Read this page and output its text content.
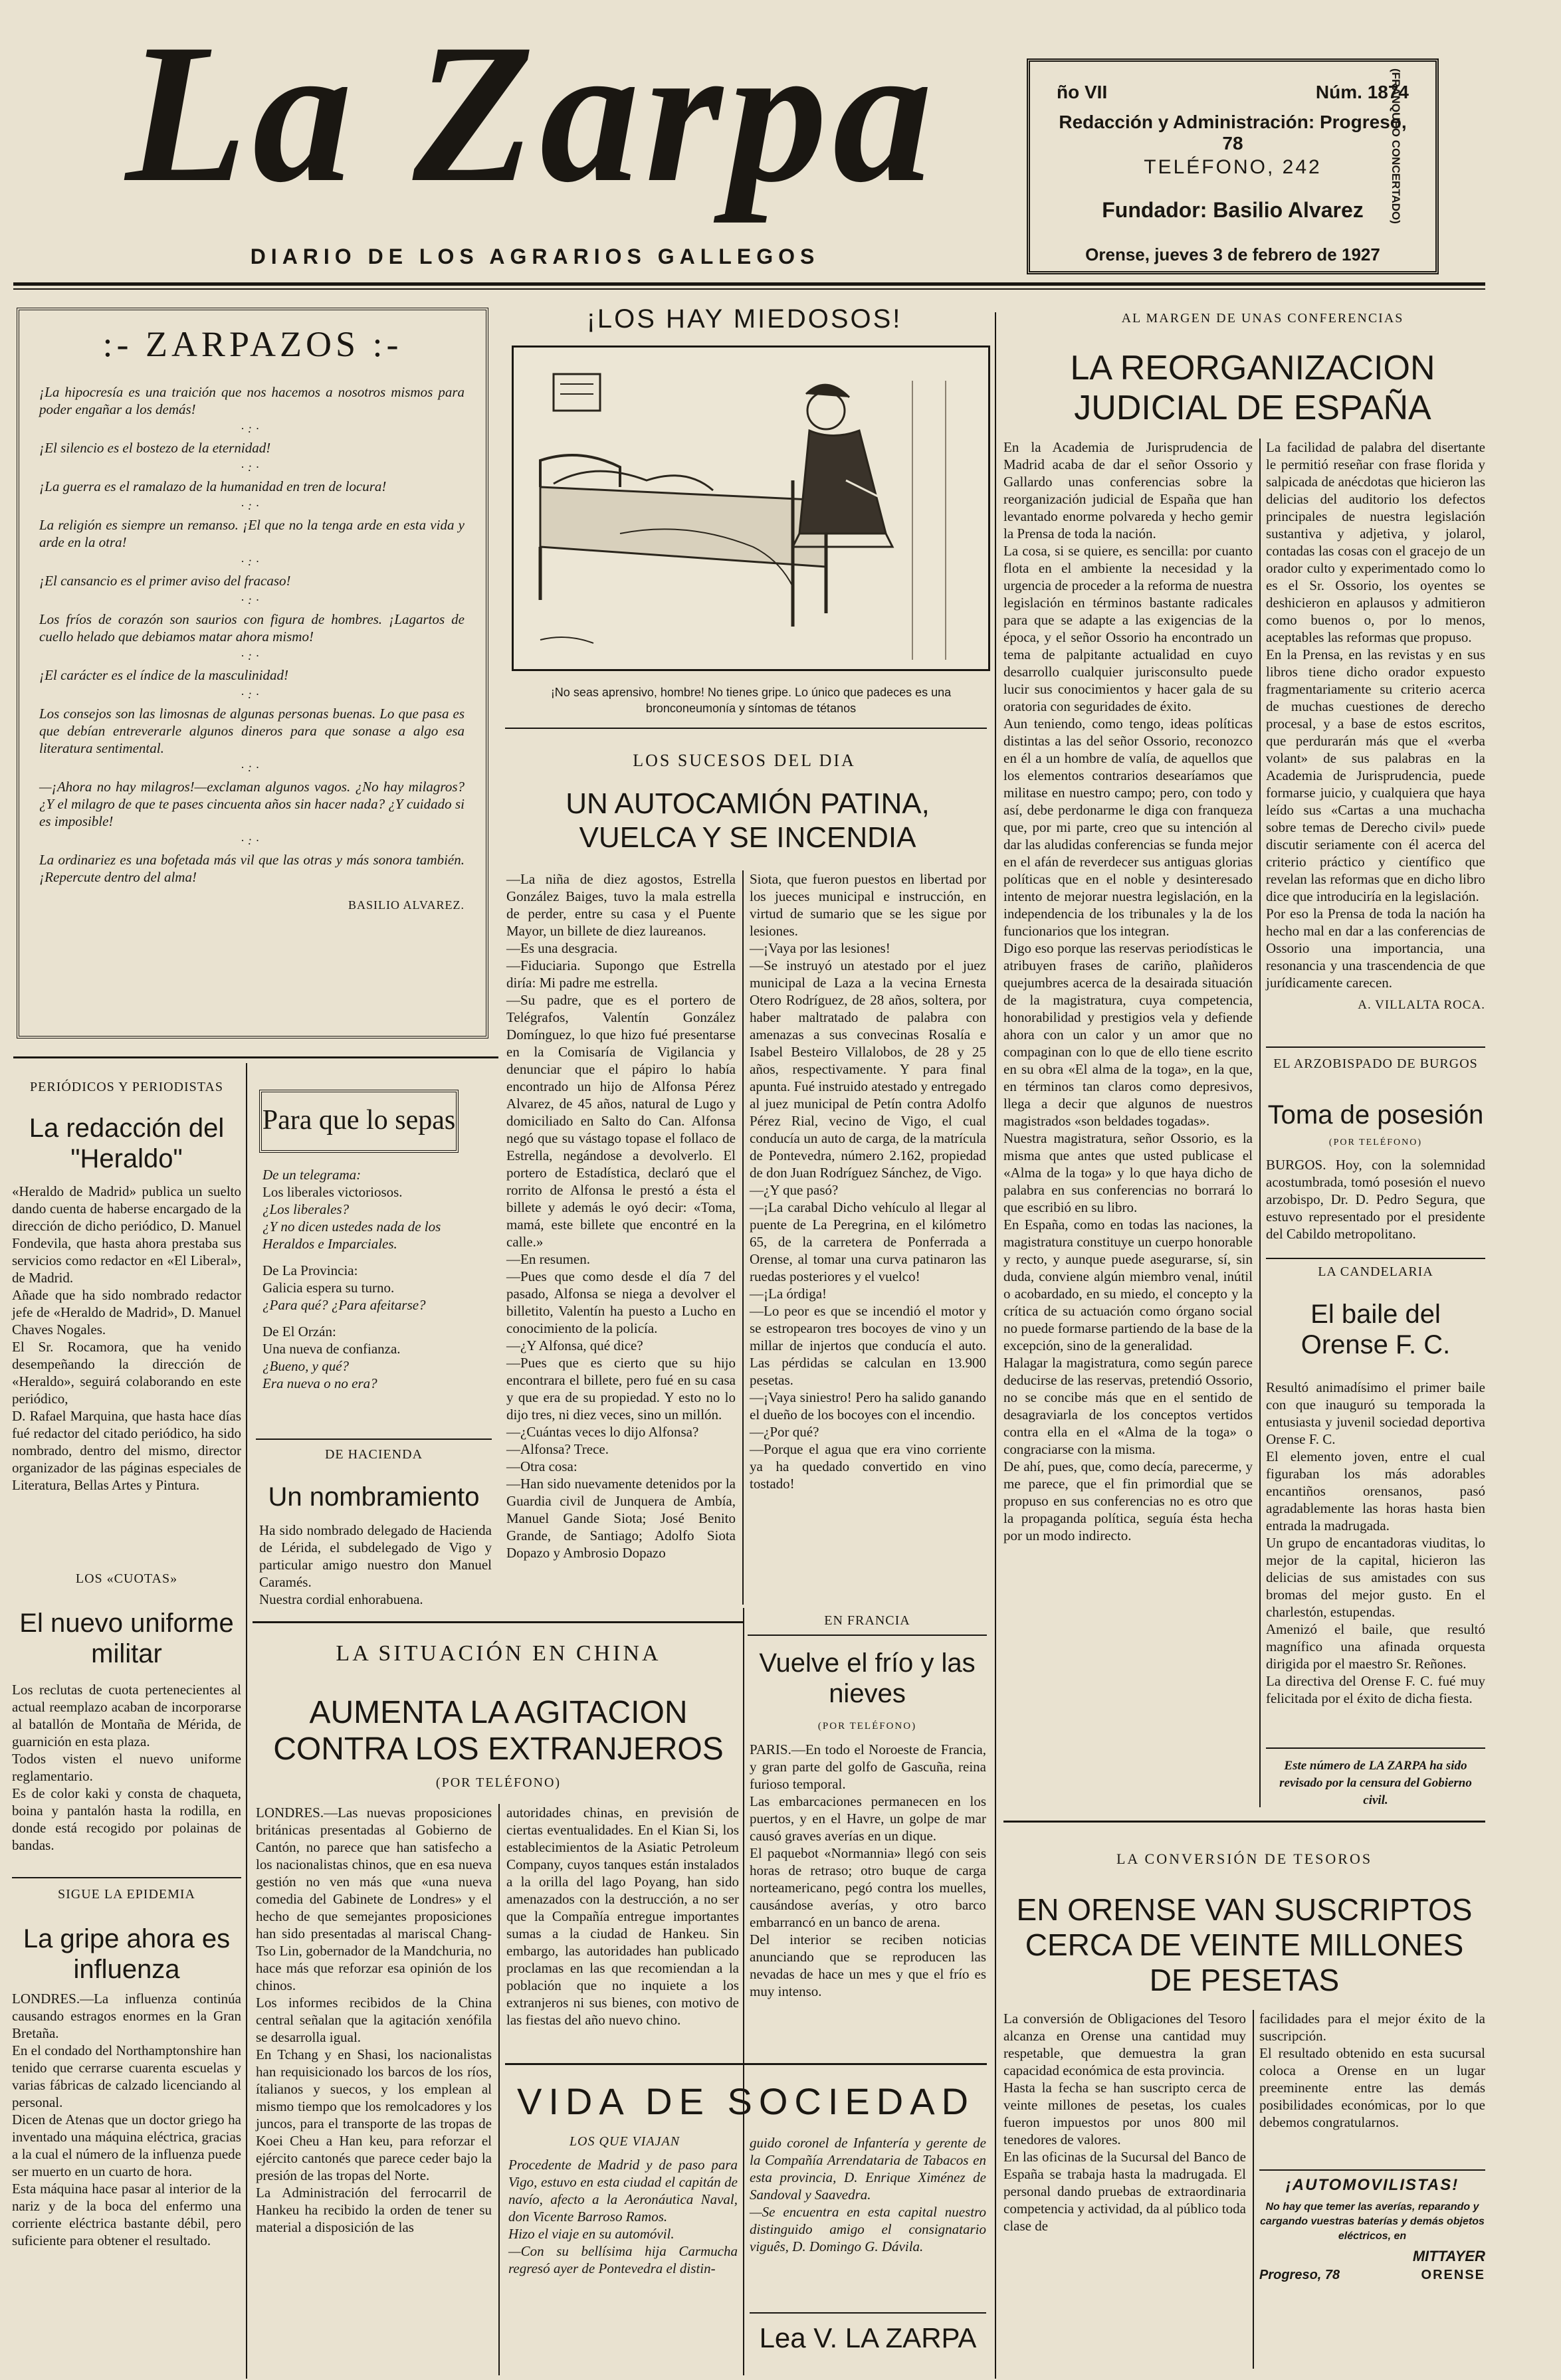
La Zarpa
DIARIO DE LOS AGRARIOS GALLEGOS
ño VII	Núm. 1874
Redacción y Administración: Progreso, 78
TELÉFONO, 242
Fundador: Basilio Alvarez
Orense, jueves 3 de febrero de 1927
(FRANQUEO CONCERTADO)
:- ZARPAZOS :-

¡La hipocresía es una traición que nos hacemos a nosotros mismos para poder engañar a los demás!

·:·

¡El silencio es el bostezo de la eternidad!

·:·

¡La guerra es el ramalazo de la humanidad en tren de locura!

·:·

La religión es siempre un remanso. ¡El que no la tenga arde en esta vida y arde en la otra!

·:·

¡El cansancio es el primer aviso del fracaso!

·:·

Los fríos de corazón son saurios con figura de hombres. ¡Lagartos de cuello helado que debiamos matar ahora mismo!

·:·

¡El carácter es el índice de la masculinidad!

·:·

Los consejos son las limosnas de algunas personas buenas. Lo que pasa es que debían entreverarle algunos dineros para que sonase a algo esa literatura sentimental.

·:·

—¡Ahora no hay milagros!—exclaman algunos vagos. ¿No hay milagros? ¿Y el milagro de que te pases cincuenta años sin hacer nada? ¿Y cuidado si es imposible!

·:·

La ordinariez es una bofetada más vil que las otras y más sonora también. ¡Repercute dentro del alma!

BASILIO ALVAREZ.

¡LOS HAY MIEDOSOS!
¡No seas aprensivo, hombre! No tienes gripe. Lo único que padeces es una bronconeumonía y síntomas de tétanos
LOS SUCESOS DEL DIA
UN AUTOCAMIÓN PATINA, VUELCA Y SE INCENDIA

—La niña de diez agostos, Estrella González Baiges, tuvo la mala estrella de perder, entre su casa y el Puente Mayor, un billete de diez laureanos.

—Es una desgracia.

—Fiduciaria. Supongo que Estrella diría: Mi padre me estrella.

—Su padre, que es el portero de Telégrafos, Valentín González Domínguez, lo que hizo fué presentarse en la Comisaría de Vigilancia y denunciar que el pápiro lo había encontrado un hijo de Alfonsa Pérez Alvarez, de 45 años, natural de Lugo y domiciliado en Salto do Can. Alfonsa negó que su vástago topase el follaco de Estrella, negándose a devolverlo. El portero de Estadística, declaró que el rorrito de Alfonsa le prestó a ésta el billete y además le oyó decir: «Toma, mamá, este billete que encontré en la calle.»

—En resumen.

—Pues que como desde el día 7 del pasado, Alfonsa se niega a devolver el billetito, Valentín ha puesto a Lucho en conocimiento de la policía.

—¿Y Alfonsa, qué dice?

—Pues que es cierto que su hijo encontrara el billete, pero fué en su casa y que era de su propiedad. Y esto no lo dijo tres, ni diez veces, sino un millón.

—¿Cuántas veces lo dijo Alfonsa?

—Alfonsa? Trece.

—Otra cosa:

—Han sido nuevamente detenidos por la Guardia civil de Junquera de Ambía, Manuel Gande Siota; José Benito Grande, de Santiago; Adolfo Siota Dopazo y Ambrosio Dopazo

Siota, que fueron puestos en libertad por los jueces municipal e instrucción, en virtud de sumario que se les sigue por lesiones.

—¡Vaya por las lesiones!

—Se instruyó un atestado por el juez municipal de Laza a la vecina Ernesta Otero Rodríguez, de 28 años, soltera, por haber maltratado de palabra con amenazas a sus convecinas Rosalía e Isabel Besteiro Villalobos, de 28 y 25 años, respectivamente. Y para final apunta. Fué instruido atestado y entregado al juez municipal de Petín contra Adolfo Pérez Rial, vecino de Vigo, el cual conducía un auto de carga, de la matrícula de Pontevedra, número 2.162, propiedad de don Juan Rodríguez Sánchez, de Vigo.

—¿Y que pasó?

—¡La carabal Dicho vehículo al llegar al puente de La Peregrina, en el kilómetro 65, de la carretera de Ponferrada a Orense, al tomar una curva patinaron las ruedas posteriores y el vuelco!

—¡La órdiga!

—Lo peor es que se incendió el motor y se estropearon tres bocoyes de vino y un millar de injertos que conducía el auto. Las pérdidas se calculan en 13.900 pesetas.

—¡Vaya siniestro! Pero ha salido ganando el dueño de los bocoyes con el incendio.

—¿Por qué?

—Porque el agua que era vino corriente ya ha quedado convertido en vino tostado!

AL MARGEN DE UNAS CONFERENCIAS
LA REORGANIZACION JUDICIAL DE ESPAÑA

En la Academia de Jurisprudencia de Madrid acaba de dar el señor Ossorio y Gallardo unas conferencias sobre la reorganización judicial de España que han levantado enorme polvareda y hecho gemir la Prensa de toda la nación.

La cosa, si se quiere, es sencilla: por cuanto flota en el ambiente la necesidad y la urgencia de proceder a la reforma de nuestra legislación en términos bastante radicales para que se adapte a las exigencias de la época, y el señor Ossorio ha encontrado un tema de palpitante actualidad en cuyo desarrollo cualquier jurisconsulto puede lucir sus conocimientos y hacer gala de su oratoria con seguridades de éxito.

Aun teniendo, como tengo, ideas políticas distintas a las del señor Ossorio, reconozco en él a un hombre de valía, de aquellos que los elementos contrarios desearíamos que militase en nuestro campo; pero, con todo y así, debe perdonarme le diga con franqueza que, por mi parte, creo que su intención al dar las aludidas conferencias se funda mejor en el afán de reverdecer sus antiguas glorias políticas que en el noble y desinteresado intento de mejorar nuestra legislación, en la independencia de los tribunales y la de los funcionarios que los integran.

Digo eso porque las reservas periodísticas le atribuyen frases de cariño, plañideros quejumbres acerca de la desairada situación de la magistratura, cuya competencia, honorabilidad y prestigios vela y defiende ahora con un calor y un amor que no compaginan con lo que de ello tiene escrito en su obra «El alma de la toga», en la que, en términos tan claros como depresivos, llega a decir que algunos de nuestros magistrados «son beldades togadas».

Nuestra magistratura, señor Ossorio, es la misma que antes que usted publicase el «Alma de la toga» y lo que haya dicho de palabra en sus conferencias no borrará lo que escribió en su libro.

En España, como en todas las naciones, la magistratura constituye un cuerpo honorable y recto, y aunque puede asegurarse, sí, sin duda, conviene algún miembro venal, inútil o acobardado, en su miedo, el concepto y la crítica de su actuación como órgano social no puede formarse partiendo de la base de la excepción, sino de la generalidad.

Halagar la magistratura, como según parece deducirse de las reservas, pretendió Ossorio, no se concibe más que en el sentido de desagraviarla de los conceptos vertidos contra ella en el «Alma de la toga» o congraciarse con la misma.

De ahí, pues, que, como decía, parecerme, y me parece, que el fin primordial que se propuso en sus conferencias no es otro que la propaganda política, seguía ésta hecha por un modo indirecto.

La facilidad de palabra del disertante le permitió reseñar con frase florida y salpicada de anécdotas que hicieron las delicias del auditorio los defectos principales de nuestra legislación sustantiva y adjetiva, y jolarol, contadas las cosas con el gracejo de un orador culto y experimentado como lo es el Sr. Ossorio, los oyentes se deshicieron en aplausos y admitieron como buenos o, por lo menos, aceptables las reformas que propuso.

En la Prensa, en las revistas y en sus libros tiene dicho orador expuesto fragmentariamente su criterio acerca de muchas cuestiones de derecho procesal, y a base de estos escritos, que perdurarán más que el «verba volant» de sus palabras en la Academia de Jurisprudencia, puede formarse juicio, y cualquiera que haya leído sus «Cartas a una muchacha sobre temas de Derecho civil» puede discutir seriamente con él acerca del criterio práctico y científico que revelan las reformas que en dicho libro dice que introduciría en la legislación.

Por eso la Prensa de toda la nación ha hecho mal en dar a las conferencias de Ossorio una importancia, una resonancia y una trascendencia de que jurídicamente carecen.

A. VILLALTA ROCA.

EL ARZOBISPADO DE BURGOS
Toma de posesión
(POR TELÉFONO)

BURGOS. Hoy, con la solemnidad acostumbrada, tomó posesión el nuevo arzobispo, Dr. D. Pedro Segura, que estuvo representado por el presidente del Cabildo metropolitano.

LA CANDELARIA
El baile del Orense F. C.

Resultó animadísimo el primer baile con que inauguró su temporada la entusiasta y juvenil sociedad deportiva Orense F. C.

El elemento joven, entre el cual figuraban los más adorables encantiños orensanos, pasó agradablemente las horas hasta bien entrada la madrugada.

Un grupo de encantadoras viuditas, lo mejor de la capital, hicieron las delicias de sus amistades con sus bromas del mejor gusto. En el charlestón, estupendas.

Amenizó el baile, que resultó magnífico una afinada orquesta dirigida por el maestro Sr. Reñones.

La directiva del Orense F. C. fué muy felicitada por el éxito de dicha fiesta.

Este número de LA ZARPA ha sido revisado por la censura del Gobierno civil.
LA CONVERSIÓN DE TESOROS
EN ORENSE VAN SUSCRIPTOS CERCA DE VEINTE MILLONES DE PESETAS

La conversión de Obligaciones del Tesoro alcanza en Orense una cantidad muy respetable, que demuestra la gran capacidad económica de esta provincia.

Hasta la fecha se han suscripto cerca de veinte millones de pesetas, los cuales fueron impuestos por unos 800 mil tenedores de valores.

En las oficinas de la Sucursal del Banco de España se trabaja hasta la madrugada. El personal dando pruebas de extraordinaria competencia y actividad, da al público toda clase de

facilidades para el mejor éxito de la suscripción.

El resultado obtenido en esta sucursal coloca a Orense en un lugar preeminente entre las demás posibilidades económicas, por lo que debemos congratularnos.

¡AUTOMOVILISTAS!
No hay que temer las averías, reparando y cargando vuestras baterías y demás objetos eléctricos, en
MITTAYER
Progreso, 78	ORENSE
PERIÓDICOS Y PERIODISTAS
La redacción del "Heraldo"

«Heraldo de Madrid» publica un suelto dando cuenta de haberse encargado de la dirección de dicho periódico, D. Manuel Fondevila, que hasta ahora prestaba sus servicios como redactor en «El Liberal», de Madrid.

Añade que ha sido nombrado redactor jefe de «Heraldo de Madrid», D. Manuel Chaves Nogales.

El Sr. Rocamora, que ha venido desempeñando la dirección de «Heraldo», seguirá colaborando en este periódico,

D. Rafael Marquina, que hasta hace días fué redactor del citado periódico, ha sido nombrado, dentro del mismo, director organizador de las páginas especiales de Literatura, Bellas Artes y Pintura.

LOS «CUOTAS»
El nuevo uniforme militar

Los reclutas de cuota pertenecientes al actual reemplazo acaban de incorporarse al batallón de Montaña de Mérida, de guarnición en esta plaza.

Todos visten el nuevo uniforme reglamentario.

Es de color kaki y consta de chaqueta, boina y pantalón hasta la rodilla, en donde está recogido por polainas de bandas.

SIGUE LA EPIDEMIA
La gripe ahora es influenza

LONDRES.—La influenza continúa causando estragos enormes en la Gran Bretaña.

En el condado del Northamptonshire han tenido que cerrarse cuarenta escuelas y varias fábricas de calzado licenciando al personal.

Dicen de Atenas que un doctor griego ha inventado una máquina eléctrica, gracias a la cual el número de la influenza puede ser muerto en un cuarto de hora.

Esta máquina hace pasar al interior de la nariz y de la boca del enfermo una corriente eléctrica bastante débil, pero suficiente para obtener el resultado.

Para que lo sepas
De un telegrama:
Los liberales victoriosos.
¿Los liberales?
¿Y no dicen ustedes nada de los Heraldos e Imparciales.
De La Provincia:
Galicia espera su turno.
¿Para qué? ¿Para afeitarse?
De El Orzán:
Una nueva de confianza.
¿Bueno, y qué?
Era nueva o no era?
DE HACIENDA
Un nombramiento

Ha sido nombrado delegado de Hacienda de Lérida, el subdelegado de Vigo y particular amigo nuestro don Manuel Caramés.

Nuestra cordial enhorabuena.

LA SITUACIÓN EN CHINA
AUMENTA LA AGITACION CONTRA LOS EXTRANJEROS
(POR TELÉFONO)

LONDRES.—Las nuevas proposiciones británicas presentadas al Gobierno de Cantón, no parece que han satisfecho a los nacionalistas chinos, que en esa nueva gestión no ven más que «una nueva comedia del Gabinete de Londres» y el hecho de que semejantes proposiciones han sido presentadas al mariscal Chang-Tso Lin, gobernador de la Mandchuria, no hace más que reforzar esa opinión de los chinos.

Los informes recibidos de la China central señalan que la agitación xenófila se desarrolla igual.

En Tchang y en Shasi, los nacionalistas han requisicionado los barcos de los ríos, ítalianos y suecos, y los emplean al mismo tiempo que los remolcadores y los juncos, para el transporte de las tropas de Koei Cheu a Han keu, para reforzar el ejército cantonés que parece ceder bajo la presión de las tropas del Norte.

La Administración del ferrocarril de Hankeu ha recibido la orden de tener su material a disposición de las

autoridades chinas, en previsión de ciertas eventualidades. En el Kian Si, los establecimientos de la Asiatic Petroleum Company, cuyos tanques están instalados a la orilla del lago Poyang, han sido amenazados con la destrucción, a no ser que la Compañía entregue importantes sumas a la ciudad de Hankeu. Sin embargo, las autoridades han publicado proclamas en las que recomiendan a la población que no inquiete a los extranjeros ni sus bienes, con motivo de las fiestas del año nuevo chino.

EN FRANCIA
Vuelve el frío y las nieves
(POR TELÉFONO)

PARIS.—En todo el Noroeste de Francia, y gran parte del golfo de Gascuña, reina furioso temporal.

Las embarcaciones permanecen en los puertos, y en el Havre, un golpe de mar causó graves averías en un dique.

El paquebot «Normannia» llegó con seis horas de retraso; otro buque de carga norteamericano, pegó contra los muelles, causándose averías, y otro barco embarrancó en un banco de arena.

Del interior se reciben noticias anunciando que se reproducen las nevadas de hace un mes y que el frío es muy intenso.

VIDA DE SOCIEDAD
LOS QUE VIAJAN

Procedente de Madrid y de paso para Vigo, estuvo en esta ciudad el capitán de navío, afecto a la Aeronáutica Naval, don Vicente Barroso Ramos.

Hizo el viaje en su automóvil.

—Con su bellísima hija Carmucha regresó ayer de Pontevedra el distin-

guido coronel de Infantería y gerente de la Compañía Arrendataria de Tabacos en esta provincia, D. Enrique Ximénez de Sandoval y Saavedra.

—Se encuentra en esta capital nuestro distinguido amigo el consignatario viguês, D. Domingo G. Dávila.

Lea V. LA ZARPA
